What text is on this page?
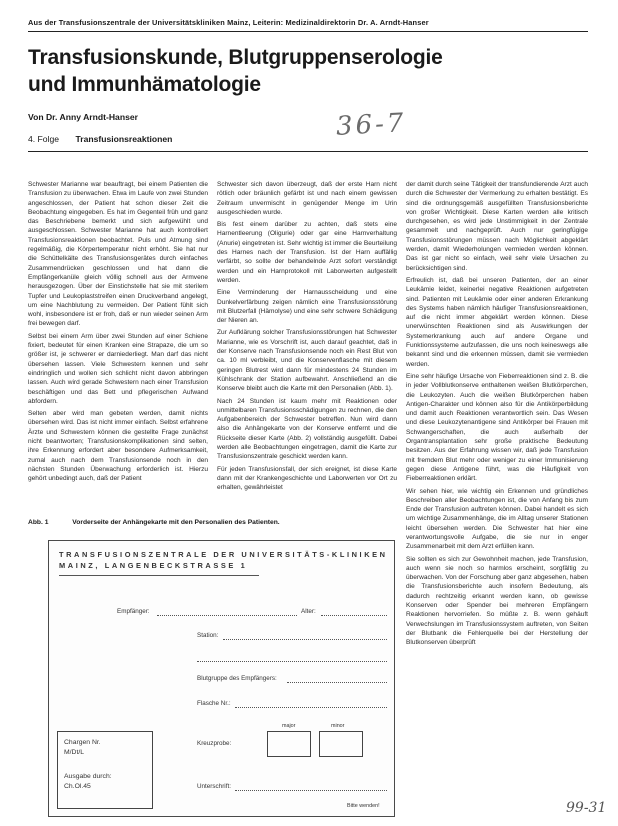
Aus der Transfusionszentrale der Universitätskliniken Mainz, Leiterin: Medizinaldirektorin Dr. A. Arndt-Hanser
Transfusionskunde, Blutgruppenserologie
und Immunhämatologie
Von Dr. Anny Arndt-Hanser
4. Folge Transfusionsreaktionen	36-7

Schwester Marianne war beauftragt, bei einem Patienten die Transfusion zu überwachen. Etwa im Laufe von zwei Stunden angeschlossen, der Patient hat schon dieser Zeit die Beobachtung eingegeben. Es hat im Gegenteil früh und ganz das Beschriebene bemerkt und sich aufgewühlt und ausgeschlossen. Schwester Marianne hat auch kontrolliert Transfusionsreaktionen beobachtet. Puls und Atmung sind regelmäßig, die Körpertemperatur nicht erhöht. Sie hat nur die Schüttelkälte des Transfusionsgerätes durch einfaches Zusammendrücken geschlossen und hat dann die Empfängerkanüle gleich völlig schnell aus der Armvene herausgezogen. Über der Einstichstelle hat sie mit sterilem Tupfer und Leukoplaststreifen einen Druckverband angelegt, um eine Nachblutung zu vermeiden. Der Patient fühlt sich wohl, insbesondere ist er froh, daß er nun wieder seinen Arm frei bewegen darf.

Selbst bei einem Arm über zwei Stunden auf einer Schiene fixiert, bedeutet für einen Kranken eine Strapaze, die um so größer ist, je schwerer er darniederliegt. Man darf das nicht übersehen lassen. Viele Schwestern kennen und sehr eindringlich und wollen sich schlicht nicht davon abbringen lassen. Auch wird gerade Schwestern nach einer Transfusion beschäftigen und das Bett und pflegerischen Aufwand abfordern.

Selten aber wird man gebeten werden, damit nichts übersehen wird. Das ist nicht immer einfach. Selbst erfahrene Ärzte und Schwestern können die gestellte Frage zunächst nicht beantworten; Transfusionskomplikationen sind selten, ihre Erkennung erfordert aber besondere Aufmerksamkeit, zumal auch nach dem Transfusionsende noch in den nächsten Stunden Überwachung erforderlich ist. Hierzu gehört unbedingt auch, daß der Patient

Schwester sich davon überzeugt, daß der erste Harn nicht rötlich oder bräunlich gefärbt ist und nach einem gewissen Zeitraum unvermischt in genügender Menge im Urin ausgeschieden wurde.

Bis fest einem darüber zu achten, daß stets eine Harnentleerung (Oligurie) oder gar eine Harnverhaltung (Anurie) eingetreten ist. Sehr wichtig ist immer die Beurteilung des Harnes nach der Transfusion. Ist der Harn auffällig verfärbt, so sollte der behandelnde Arzt sofort verständigt werden und ein Harnprotokoll mit Laborwerten aufgestellt werden.

Eine Verminderung der Harnausscheidung und eine Dunkelverfärbung zeigen nämlich eine Transfusionsstörung mit Blutzerfall (Hämolyse) und eine sehr schwere Schädigung der Nieren an.

Zur Aufklärung solcher Transfusionsstörungen hat Schwester Marianne, wie es Vorschrift ist, auch darauf geachtet, daß in der Konserve nach Transfusionsende noch ein Rest Blut von ca. 10 ml verbleibt, und die Konservenflasche mit diesem geringen Blutrest wird dann für mindestens 24 Stunden im Kühlschrank der Station aufbewahrt. Anschließend an die Konserve bleibt auch die Karte mit den Personalien (Abb. 1).

Nach 24 Stunden ist kaum mehr mit Reaktionen oder unmittelbaren Transfusionsschädigungen zu rechnen, die den Aufgabenbereich der Schwester betreffen. Nun wird dann also die Anhängekarte von der Konserve entfernt und die Rückseite dieser Karte (Abb. 2) vollständig ausgefüllt. Dabei werden alle Beobachtungen eingetragen, damit die Karte zur Transfusionszentrale geschickt werden kann.

Für jeden Transfusionsfall, der sich ereignet, ist diese Karte dann mit der Krankengeschichte und Laborwerten vor Ort zu erhalten, gewährleistet

der damit durch seine Tätigkeit der transfundierende Arzt auch durch die Schwester der Vermerkung zu erhalten bestätigt. Es sind die ordnungsgemäß ausgefüllten Transfusionsberichte von großer Wichtigkeit. Diese Karten werden alle kritisch durchgesehen, es wird jede Unstimmigkeit in der Zentrale gesammelt und nachgeprüft. Auch nur geringfügige Transfusionsstörungen müssen nach Möglichkeit abgeklärt werden, damit Wiederholungen vermieden werden können. Das ist gar nicht so einfach, weil sehr viele Ursachen zu berücksichtigen sind.

Erfreulich ist, daß bei unseren Patienten, der an einer Leukämie leidet, keinerlei negative Reaktionen aufgetreten sind. Patienten mit Leukämie oder einer anderen Erkrankung des Systems haben nämlich häufiger Transfusionsreaktionen, auf die nicht immer abgeklärt werden können. Diese unerwünschten Reaktionen sind als Auswirkungen der Systemerkrankung auch auf andere Organe und Funktionssysteme aufzufassen, die uns noch keineswegs alle bekannt sind und die erkennen müssen, damit sie vermieden werden.

Eine sehr häufige Ursache von Fieberreaktionen sind z. B. die in jeder Vollblutkonserve enthaltenen weißen Blutkörperchen, die Leukozyten. Auch die weißen Blutkörperchen haben Antigen-Charakter und können also für die Antikörperbildung und damit auch Reaktionen verantwortlich sein. Das Wesen und diese Leukozytenantigene sind Antikörper bei Frauen mit Schwangerschaften, die auch außerhalb der Organtransplantation sehr große praktische Bedeutung besitzen. Aus der Erfahrung wissen wir, daß jede Transfusion mit fremdem Blut mehr oder weniger zu einer Immunisierung gegen diese Antigene führt, was die Häufigkeit von Fieberreaktionen erklärt.

Wir sehen hier, wie wichtig ein Erkennen und gründliches Beschreiben aller Beobachtungen ist, die von Anfang bis zum Ende der Transfusion auftreten können. Dabei handelt es sich um wichtige Zusammenhänge, die im Alltag unserer Stationen leicht übersehen werden. Die Schwester hat hier eine verantwortungsvolle Aufgabe, die sie nur in enger Zusammenarbeit mit dem Arzt erfüllen kann.

Sie sollten es sich zur Gewohnheit machen, jede Transfusion, auch wenn sie noch so harmlos erscheint, sorgfältig zu überwachen. Von der Forschung aber ganz abgesehen, haben die Transfusionsberichte auch insofern Bedeutung, als dadurch rechtzeitig erkannt werden kann, ob gewisse Konserven oder Spender bei mehreren Empfängern Reaktionen hervorriefen. So müßte z. B. wenn gehäuft Verwechslungen im Transfusionssystem auftreten, von Seiten der Blutbank die Fehlerquelle bei der Herstellung der Blutkonserven überprüft

Abb. 1	Vorderseite der Anhängekarte mit den Personalien des Patienten.
TRANSFUSIONSZENTRALE DER UNIVERSITÄTS-KLINIKEN
MAINZ, LANGENBECKSTRASSE 1
Empfänger:	Alter:
Station:
Blutgruppe des Empfängers:
Flasche Nr.:
major	minor
Kreuzprobe:
Chargen Nr.
M/Dt/L
Ausgabe durch:
Ch.Ol.45	Unterschrift:
Bitte wenden!	99-31
